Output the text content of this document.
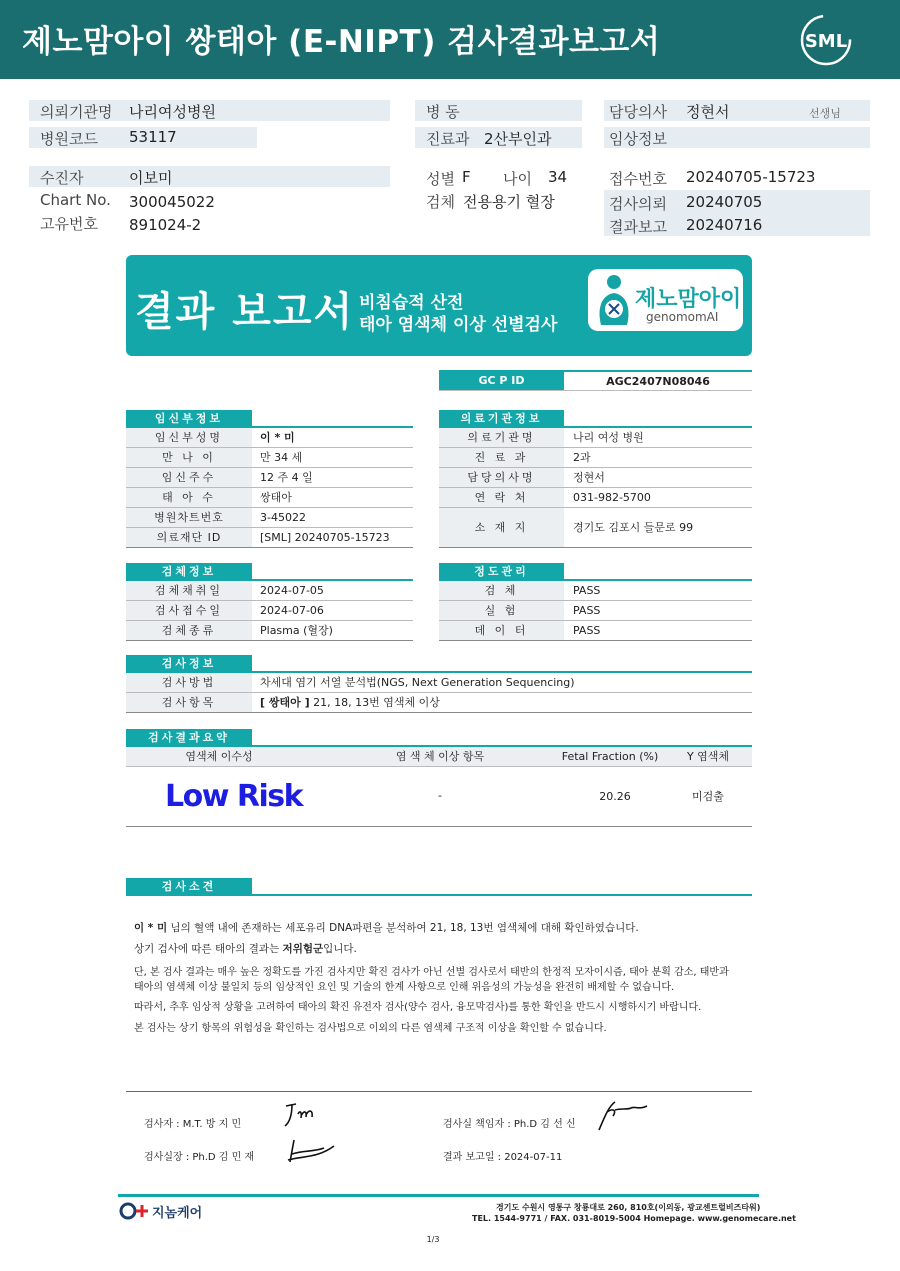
제노맘아이 쌍태아 (E-NIPT) 검사결과보고서	SML
의뢰기관명 나리여성병원
병원코드 53117
병 동
진료과 2산부인과
담당의사 정현서	선생님
임상정보
수진자	이보미
Chart No. 300045022
고유번호 891024-2
성별 F 나이 34
검체 전용용기 혈장
접수번호 20240705-15723
검사의뢰 20240705
결과보고 20240716
결과 보고서 비침습적 산전
태아 염색체 이상 선별검사
제노맘아이
genomomAI
GC P ID	AGC2407N08046
임신부정보
임신부성명	이 * 미
만 나 이	만 34 세
임신주수	12 주 4 일
태 아 수	쌍태아
병원차트번호	3-45022
의료재단 ID	[SML] 20240705-15723
의료기관정보
의료기관명	나리 여성 병원
진 료 과	2과
담당의사명	정현서
연 락 처	031-982-5700
소 재 지	경기도 김포시 들문로 99
검체정보
검체채취일	2024-07-05
검사접수일	2024-07-06
검체종류	Plasma (혈장)
정도관리
검 체	PASS
실 험	PASS
데 이 터	PASS
검사정보
검사방법	차세대 염기 서열 분석법(NGS, Next Generation Sequencing)
검사항목	[ 쌍태아 ] 21, 18, 13번 염색체 이상
검사결과요약
염색체 이수성	염 색 체 이상 항목	Fetal Fraction (%)	Y 염색체
Low Risk	-	20.26	미검출
검사소견
이 * 미 님의 혈액 내에 존재하는 세포유리 DNA파편을 분석하여 21, 18, 13번 염색체에 대해 확인하였습니다.
상기 검사에 따른 태아의 결과는 저위험군입니다.
단, 본 검사 결과는 매우 높은 정확도를 가진 검사지만 확진 검사가 아닌 선별 검사로서 태반의 한정적 모자이시즘, 태아 분획 감소, 태반과
태아의 염색체 이상 불일치 등의 임상적인 요인 및 기술의 한계 사항으로 인해 위음성의 가능성을 완전히 배제할 수 없습니다.
따라서, 추후 임상적 상황을 고려하여 태아의 확진 유전자 검사(양수 검사, 융모막검사)를 통한 확인을 반드시 시행하시기 바랍니다.
본 검사는 상기 항목의 위험성을 확인하는 검사법으로 이외의 다른 염색체 구조적 이상을 확인할 수 없습니다.
검사자 : M.T. 방 지 민
검사실장 : Ph.D 김 민 재
검사실 책임자 : Ph.D 김 선 신
결과 보고일 : 2024-07-11
지놈케어	경기도 수원시 영통구 창룡대로 260, 810호(이의동, 광교센트럴비즈타워)
TEL. 1544-9771 / FAX. 031-8019-5004 Homepage. www.genomecare.net
1/3
